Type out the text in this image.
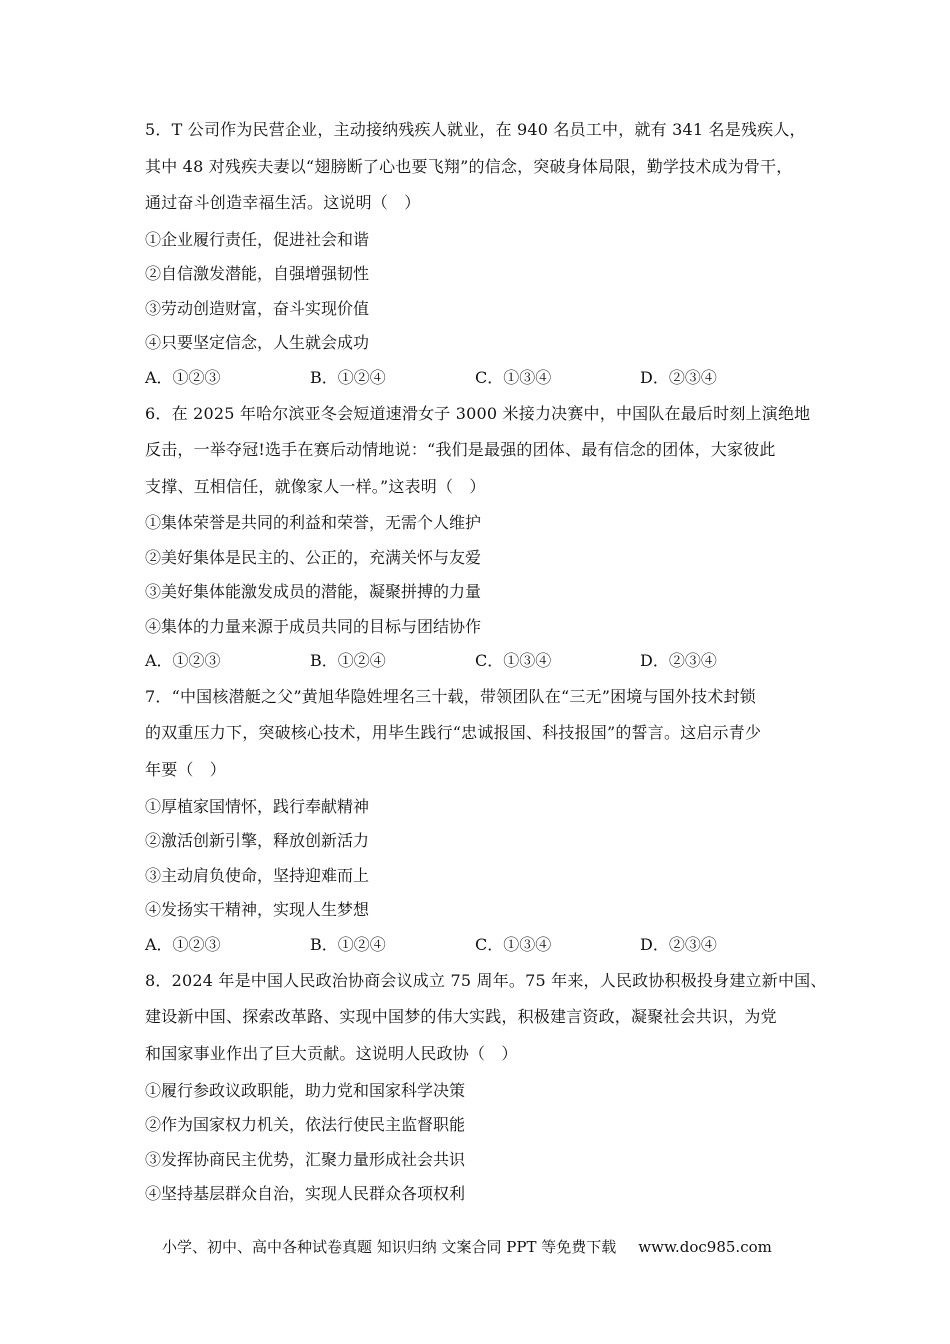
5．T 公司作为民营企业，主动接纳残疾人就业，在 940 名员工中，就有 341 名是残疾人，
其中 48 对残疾夫妻以“翅膀断了心也要飞翔”的信念，突破身体局限，勤学技术成为骨干，
通过奋斗创造幸福生活。这说明（　）
①企业履行责任，促进社会和谐
②自信激发潜能，自强增强韧性
③劳动创造财富，奋斗实现价值
④只要坚定信念，人生就会成功
A．①②③	B．①②④	C．①③④	D．②③④
6．在 2025 年哈尔滨亚冬会短道速滑女子 3000 米接力决赛中，中国队在最后时刻上演绝地
反击，一举夺冠!选手在赛后动情地说：“我们是最强的团体、最有信念的团体，大家彼此
支撑、互相信任，就像家人一样。”这表明（　）
①集体荣誉是共同的利益和荣誉，无需个人维护
②美好集体是民主的、公正的，充满关怀与友爱
③美好集体能激发成员的潜能，凝聚拼搏的力量
④集体的力量来源于成员共同的目标与团结协作
A．①②③	B．①②④	C．①③④	D．②③④
7．“中国核潜艇之父”黄旭华隐姓埋名三十载，带领团队在“三无”困境与国外技术封锁
的双重压力下，突破核心技术，用毕生践行“忠诚报国、科技报国”的誓言。这启示青少
年要（　）
①厚植家国情怀，践行奉献精神
②激活创新引擎，释放创新活力
③主动肩负使命，坚持迎难而上
④发扬实干精神，实现人生梦想
A．①②③	B．①②④	C．①③④	D．②③④
8．2024 年是中国人民政治协商会议成立 75 周年。75 年来，人民政协积极投身建立新中国、
建设新中国、探索改革路、实现中国梦的伟大实践，积极建言资政，凝聚社会共识，为党
和国家事业作出了巨大贡献。这说明人民政协（　）
①履行参政议政职能，助力党和国家科学决策
②作为国家权力机关，依法行使民主监督职能
③发挥协商民主优势，汇聚力量形成社会共识
④坚持基层群众自治，实现人民群众各项权利
小学、初中、高中各种试卷真题 知识归纳 文案合同 PPT 等免费下载 www.doc985.com
